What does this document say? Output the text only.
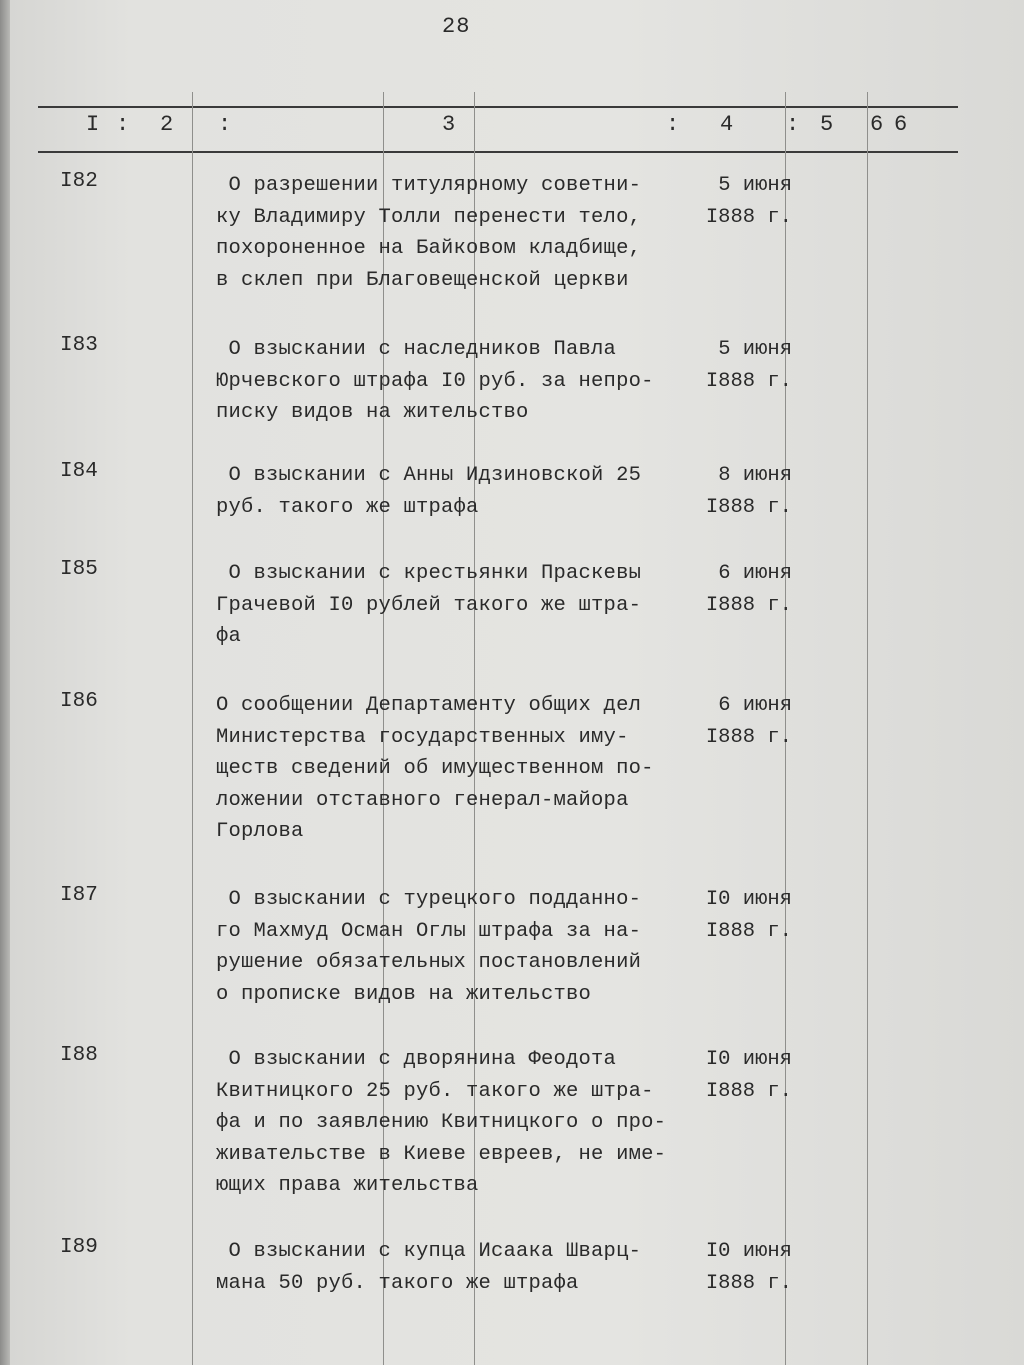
28
I : 2 :	3	: 4 : 5 6 6
I82	О разрешении титулярному советни-
ку Владимиру Толли перенести тело,
похороненное на Байковом кладбище,
в склеп при Благовещенской церкви
5 июня
I888 г.
I83	О взыскании с наследников Павла
Юрчевского штрафа I0 руб. за непро-
писку видов на жительство
5 июня
I888 г.
I84	О взыскании с Анны Идзиновской 25
руб. такого же штрафа
8 июня
I888 г.
I85	О взыскании с крестьянки Праскевы
Грачевой I0 рублей такого же штра-
фа
6 июня
I888 г.
I86	О сообщении Департаменту общих дел
Министерства государственных иму-
ществ сведений об имущественном по-
ложении отставного генерал-майора
Горлова
6 июня
I888 г.
I87	О взыскании с турецкого подданно-
го Махмуд Осман Оглы штрафа за на-
рушение обязательных постановлений
о прописке видов на жительство
I0 июня
I888 г.
I88	О взыскании с дворянина Феодота
Квитницкого 25 руб. такого же штра-
фа и по заявлению Квитницкого о про-
живательстве в Киеве евреев, не име-
ющих права жительства
I0 июня
I888 г.
I89	О взыскании с купца Исаака Шварц-
мана 50 руб. такого же штрафа
I0 июня
I888 г.
